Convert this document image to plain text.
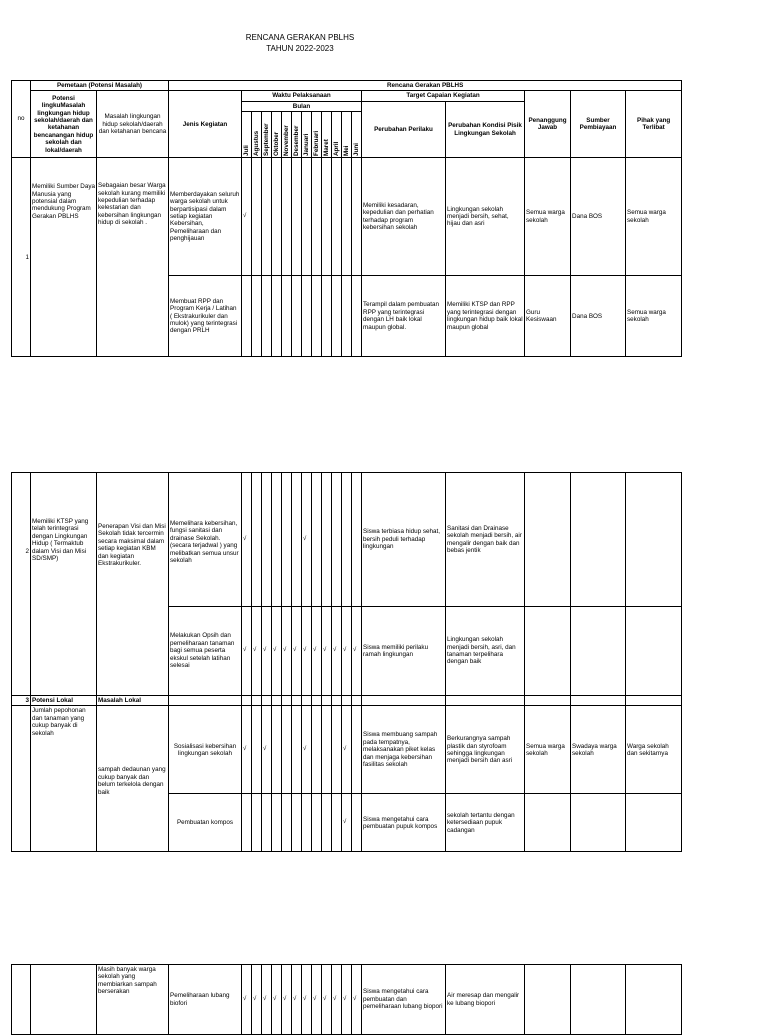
RENCANA GERAKAN PBLHS
TAHUN 2022-2023
no	Pemetaan (Potensi Masalah)		Rencana Gerakan PBLHS																	
	Potensi lingkuMasalah lingkungan hidup sekolah/daerah dan ketahanan bencanangan hidup sekolah dan lokal/daerah	Masalah lingkungan hidup sekolah/daerah dan ketahanan bencana	Jenis Kegiatan	Waktu Pelaksanaan												Target Capaian Kegiatan		Penanggung Jawab	Sumber Pembiayaan	Pihak yang Terlibat
				Bulan												Perubahan Perilaku	Perubahan Kondisi Pisik Lingkungan Sekolah			

				Juli	Agustus	September	Oktober	November	Desember	Januari	Februari	Maret	April	Mei	Juni					

1	Memiliki Sumber Daya Manusia yang potensial dalam mendukung Program Gerakan PBLHS	Sebagaian besar Warga sekolah kurang memiliki kepedulian terhadap kelestarian dan kebersihan lingkungan hidup di sekolah .	Memberdayakan seluruh warga sekolah untuk berpartisipasi dalam setiap kegiatan Kebersihan, Pemeliharaan dan penghijauan	√												Memiliki kesadaran, kepedulian dan perhatian terhadap program kebersihan sekolah	Lingkungan sekolah menjadi bersih, sehat, hijau dan asri	Semua warga sekolah	Dana BOS	Semua warga sekolah
			Membuat RPP dan Program Kerja / Latihan ( Ekstrakurikuler dan mulok) yang terintegrasi dengan PRLH													Terampil dalam pembuatan RPP yang terintegrasi dengan LH baik lokal maupun global.	Memiliki KTSP dan RPP yang terintegrasi dengan lingkungan hidup baik lokal maupun global	Guru Kesiswaan	Dana BOS	Semua warga sekolah
2	Memiliki KTSP yang telah terintegrasi dengan Lingkungan Hidup ( Termaktub dalam Visi dan Misi SD/SMP)	Penerapan Visi dan Misi Sekolah tidak tercermin secara maksimal dalam setiap kegiatan KBM dan kegiatan Ekstrakurikuler.	Memelihara kebersihan, fungsi sanitasi dan drainase Sekolah. (secara terjadwal ) yang melibatkan semua unsur sekolah	√						√						Siswa terbiasa hidup sehat, bersih peduli terhadap lingkungan	Sanitasi dan Drainase sekolah menjadi bersih, air mengalir dengan baik dan bebas jentik			
			Melakukan Opsih dan pemeliharaan tanaman bagi semua peserta ekskul setelah latihan selesai	√	√	√	√	√	√	√	√	√	√	√	√	Siswa memiliki perilaku ramah lingkungan	Lingkungan sekolah menjadi bersih, asri, dan tanaman terpelihara dengan baik			
3	Potensi Lokal	Masalah Lokal																		
	Jumlah pepohonan dan tanaman yang cukup banyak di sekolah	sampah dedaunan yang cukup banyak dan belum terkelola dengan baik	Sosialisasi kebersihan lingkungan sekolah	√		√				√				√		Siswa membuang sampah pada tempatnya, melaksanakan piket kelas dan menjaga kebersihan fasilitas sekolah	Berkurangnya sampah plastik dan styrofoam sehingga lingkungan menjadi bersih dan asri	Semua warga sekolah	Swadaya warga sekolah	Warga sekolah dan sekitarnya
			Pembuatan kompos											√		Siswa mengetahui cara pembuatan pupuk kompos	sekolah tertantu dengan ketersediaan pupuk cadangan			
		Masih banyak warga sekolah yang membiarkan sampah berserakan	Pemeliharaan lubang biofori	√	√	√	√	√	√	√	√	√	√	√	√	Siswa mengetahui cara pembuatan dan pemeliharaan lubang biopori	Air meresap dan mengalir ke lubang biopori			
